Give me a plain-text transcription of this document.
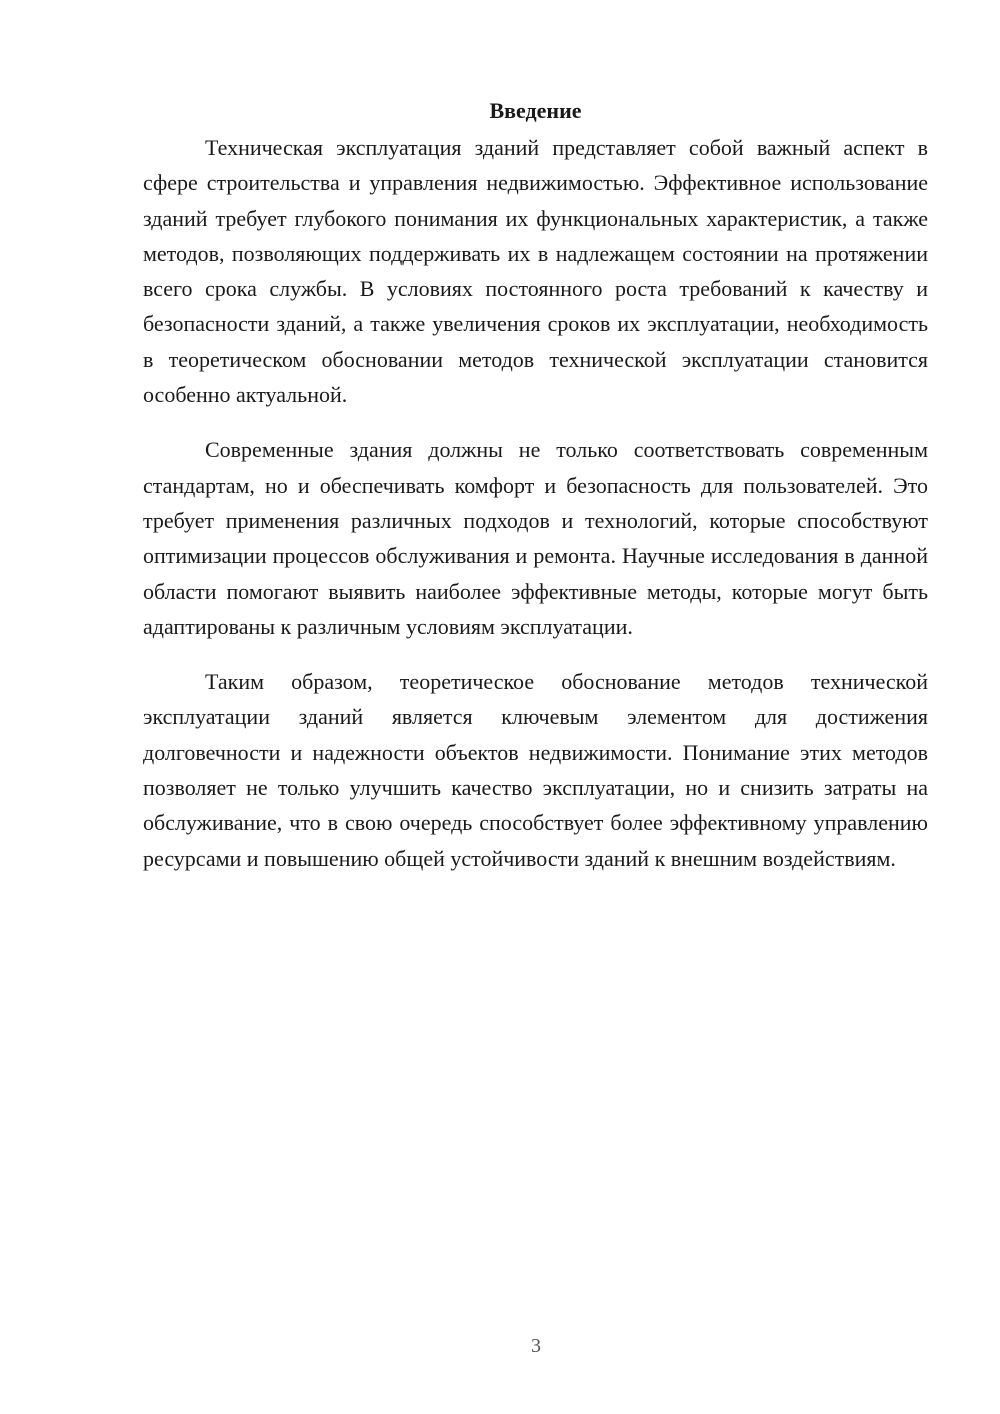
Введение

Техническая эксплуатация зданий представляет собой важный аспект в сфере строительства и управления недвижимостью. Эффективное использование зданий требует глубокого понимания их функциональных характеристик, а также методов, позволяющих поддерживать их в надлежащем состоянии на протяжении всего срока службы. В условиях постоянного роста требований к качеству и безопасности зданий, а также увеличения сроков их эксплуатации, необходимость в теоретическом обосновании методов технической эксплуатации становится особенно актуальной.

Современные здания должны не только соответствовать современным стандартам, но и обеспечивать комфорт и безопасность для пользователей. Это требует применения различных подходов и технологий, которые способствуют оптимизации процессов обслуживания и ремонта. Научные исследования в данной области помогают выявить наиболее эффективные методы, которые могут быть адаптированы к различным условиям эксплуатации.

Таким образом, теоретическое обоснование методов технической эксплуатации зданий является ключевым элементом для достижения долговечности и надежности объектов недвижимости. Понимание этих методов позволяет не только улучшить качество эксплуатации, но и снизить затраты на обслуживание, что в свою очередь способствует более эффективному управлению ресурсами и повышению общей устойчивости зданий к внешним воздействиям.

3
